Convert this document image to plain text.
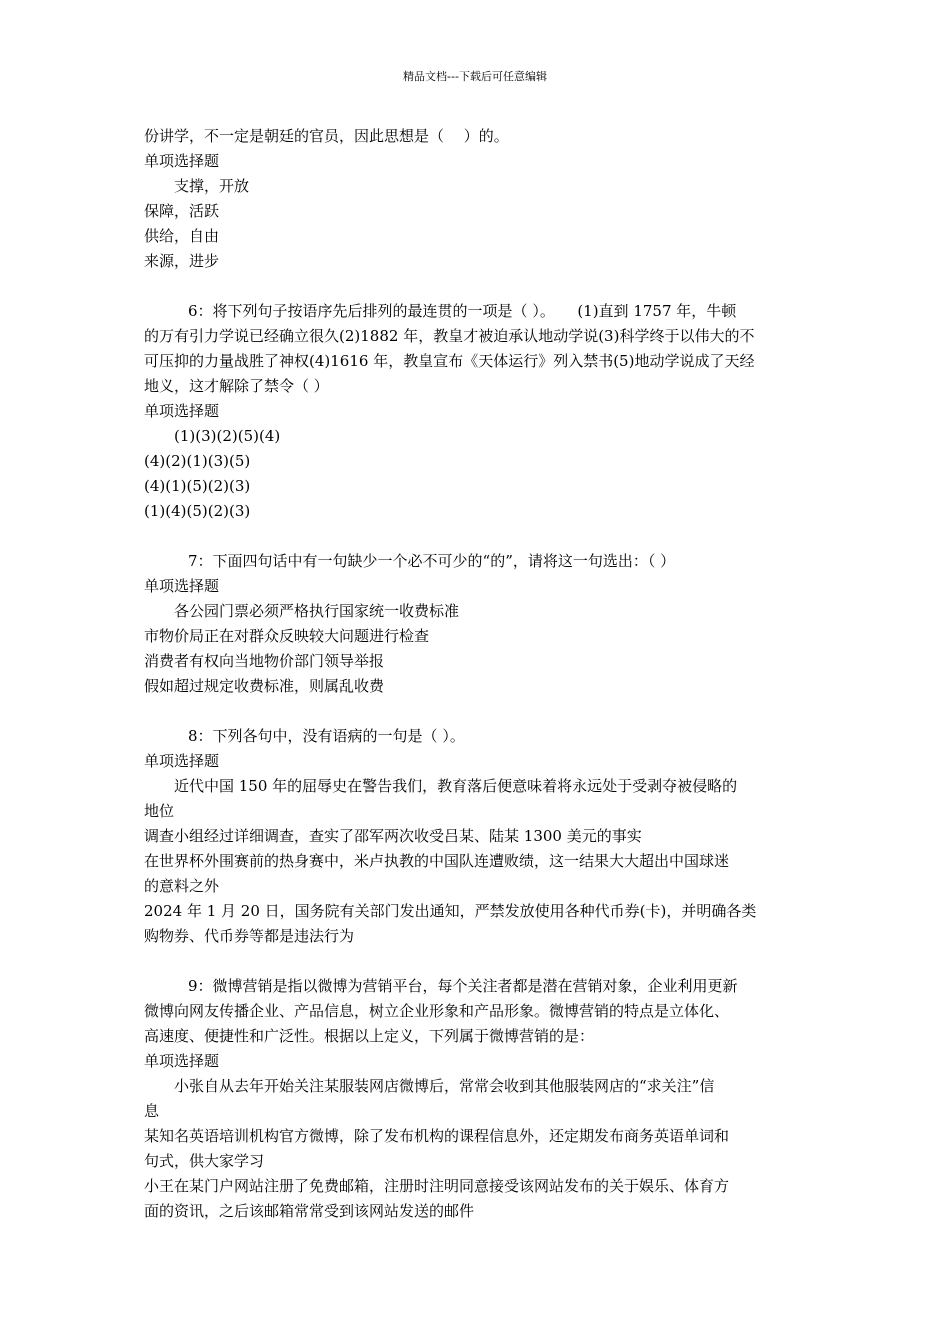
精品文档---下载后可任意编辑
份讲学，不一定是朝廷的官员，因此思想是（　 ）的。
单项选择题
支撑，开放
保障，活跃
供给，自由
来源，进步
6：将下列句子按语序先后排列的最连贯的一项是（ ）。　　(1)直到 1757 年，牛顿
的万有引力学说已经确立很久(2)1882 年，教皇才被迫承认地动学说(3)科学终于以伟大的不
可压抑的力量战胜了神权(4)1616 年，教皇宣布《天体运行》列入禁书(5)地动学说成了天经
地义，这才解除了禁令（ ）
单项选择题
(1)(3)(2)(5)(4)
(4)(2)(1)(3)(5)
(4)(1)(5)(2)(3)
(1)(4)(5)(2)(3)
7：下面四句话中有一句缺少一个必不可少的“的”，请将这一句选出：（ ）
单项选择题
各公园门票必须严格执行国家统一收费标准
市物价局正在对群众反映较大问题进行检查
消费者有权向当地物价部门领导举报
假如超过规定收费标准，则属乱收费
8：下列各句中，没有语病的一句是（ ）。
单项选择题
近代中国 150 年的屈辱史在警告我们，教育落后便意味着将永远处于受剥夺被侵略的
地位
调查小组经过详细调查，查实了邵军两次收受吕某、陆某 1300 美元的事实
在世界杯外围赛前的热身赛中，米卢执教的中国队连遭败绩，这一结果大大超出中国球迷
的意料之外
2024 年 1 月 20 日，国务院有关部门发出通知，严禁发放使用各种代币券(卡)，并明确各类
购物券、代币券等都是违法行为
9：微博营销是指以微博为营销平台，每个关注者都是潜在营销对象，企业利用更新
微博向网友传播企业、产品信息，树立企业形象和产品形象。微博营销的特点是立体化、
高速度、便捷性和广泛性。根据以上定义，下列属于微博营销的是：
单项选择题
小张自从去年开始关注某服装网店微博后，常常会收到其他服装网店的“求关注”信
息
某知名英语培训机构官方微博，除了发布机构的课程信息外，还定期发布商务英语单词和
句式，供大家学习
小王在某门户网站注册了免费邮箱，注册时注明同意接受该网站发布的关于娱乐、体育方
面的资讯，之后该邮箱常常受到该网站发送的邮件
